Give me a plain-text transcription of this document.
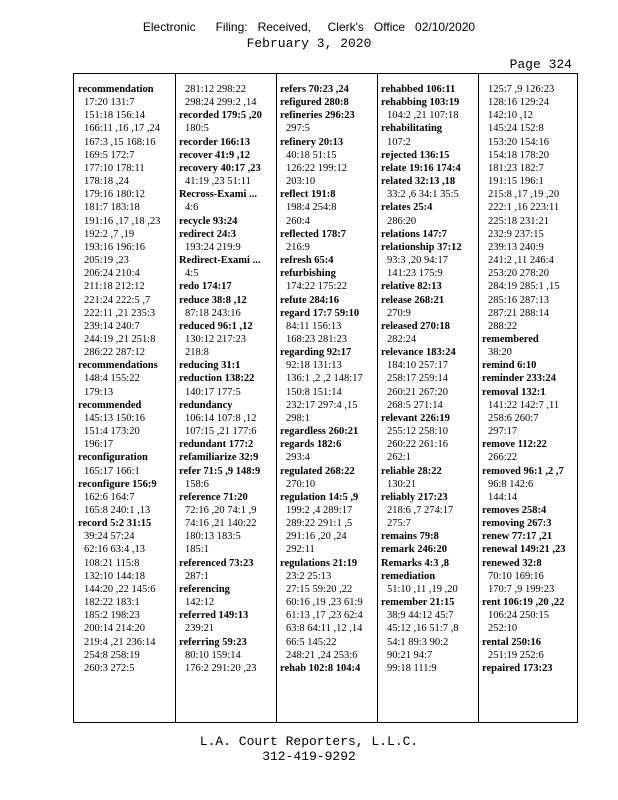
Electronic      Filing:   Received,     Clerk's   Office   02/10/2020
February 3, 2020
Page 324

recommendation

17:20 131:7

151:18 156:14

166:11 ,16 ,17 ,24

167:3 ,15 168:16

169:5 172:7

177:10 178:11

178:18 ,24

179:16 180:12

181:7 183:18

191:16 ,17 ,18 ,23

192:2 ,7 ,19

193:16 196:16

205:19 ,23

206:24 210:4

211:18 212:12

221:24 222:5 ,7

222:11 ,21 235:3

239:14 240:7

244:19 ,21 251:8

286:22 287:12

recommendations

148:4 155:22

179:13

recommended

145:13 150:16

151:4 173:20

196:17

reconfiguration

165:17 166:1

reconfigure 156:9

162:6 164:7

165:8 240:1 ,13

record 5:2 31:15

39:24 57:24

62:16 63:4 ,13

108:21 115:8

132:10 144:18

144:20 ,22 145:6

182:22 183:1

185:2 198:23

200:14 214:20

219:4 ,21 236:14

254:8 258:19

260:3 272:5

281:12 298:22

298:24 299:2 ,14

recorded 179:5 ,20

180:5

recorder 166:13

recover 41:9 ,12

recovery 40:17 ,23

41:19 ,23 51:11

Recross-Exami ...

4:6

recycle 93:24

redirect 24:3

193:24 219:9

Redirect-Exami ...

4:5

redo 174:17

reduce 38:8 ,12

87:18 243:16

reduced 96:1 ,12

130:12 217:23

218:8

reducing 31:1

reduction 138:22

140:17 177:5

redundancy

106:14 107:8 ,12

107:15 ,21 177:6

redundant 177:2

refamiliarize 32:9

refer 71:5 ,9 148:9

158:6

reference 71:20

72:16 ,20 74:1 ,9

74:16 ,21 140:22

180:13 183:5

185:1

referenced 73:23

287:1

referencing

142:12

referred 149:13

239:21

referring 59:23

80:10 159:14

176:2 291:20 ,23

refers 70:23 ,24

refigured 280:8

refineries 296:23

297:5

refinery 20:13

40:18 51:15

126:22 199:12

203:10

reflect 191:8

198:4 254:8

260:4

reflected 178:7

216:9

refresh 65:4

refurbishing

174:22 175:22

refute 284:16

regard 17:7 59:10

84:11 156:13

168:23 281:23

regarding 92:17

92:18 131:13

136:1 ,2 ,2 148:17

150:8 151:14

232:17 297:4 ,15

298:1

regardless 260:21

regards 182:6

293:4

regulated 268:22

270:10

regulation 14:5 ,9

199:2 ,4 289:17

289:22 291:1 ,5

291:16 ,20 ,24

292:11

regulations 21:19

23:2 25:13

27:15 59:20 ,22

60:16 ,19 ,23 61:9

61:13 ,17 ,23 62:4

63:8 64:11 ,12 ,14

66:5 145:22

248:21 ,24 253:6

rehab 102:8 104:4

rehabbed 106:11

rehabbing 103:19

104:2 ,21 107:18

rehabilitating

107:2

rejected 136:15

relate 19:16 174:4

related 32:13 ,18

33:2 ,6 34:1 35:5

relates 25:4

286:20

relations 147:7

relationship 37:12

93:3 ,20 94:17

141:23 175:9

relative 82:13

release 268:21

270:9

released 270:18

282:24

relevance 183:24

184:10 257:17

258:17 259:14

260:21 267:20

268:5 271:14

relevant 226:19

255:12 258:10

260:22 261:16

262:1

reliable 28:22

130:21

reliably 217:23

218:6 ,7 274:17

275:7

remains 79:8

remark 246:20

Remarks 4:3 ,8

remediation

51:10 ,11 ,19 ,20

remember 21:15

38:9 44:12 45:7

45:12 ,16 51:7 ,8

54:1 89:3 90:2

90:21 94:7

99:18 111:9

125:7 ,9 126:23

128:16 129:24

142:10 ,12

145:24 152:8

153:20 154:16

154:18 178:20

181:23 182:7

191:15 196:1

215:8 ,17 ,19 ,20

222:1 ,16 223:11

225:18 231:21

232:9 237:15

239:13 240:9

241:2 ,11 246:4

253:20 278:20

284:19 285:1 ,15

285:16 287:13

287:21 288:14

288:22

remembered

38:20

remind 6:10

reminder 233:24

removal 132:1

141:22 142:7 ,11

258:6 260:7

297:17

remove 112:22

266:22

removed 96:1 ,2 ,7

96:8 142:6

144:14

removes 258:4

removing 267:3

renew 77:17 ,21

renewal 149:21 ,23

renewed 32:8

70:10 169:16

170:7 ,9 199:23

rent 106:19 ,20 ,22

106:24 250:15

252:10

rental 250:16

251:19 252:6

repaired 173:23

L.A. Court Reporters, L.L.C.
312-419-9292
